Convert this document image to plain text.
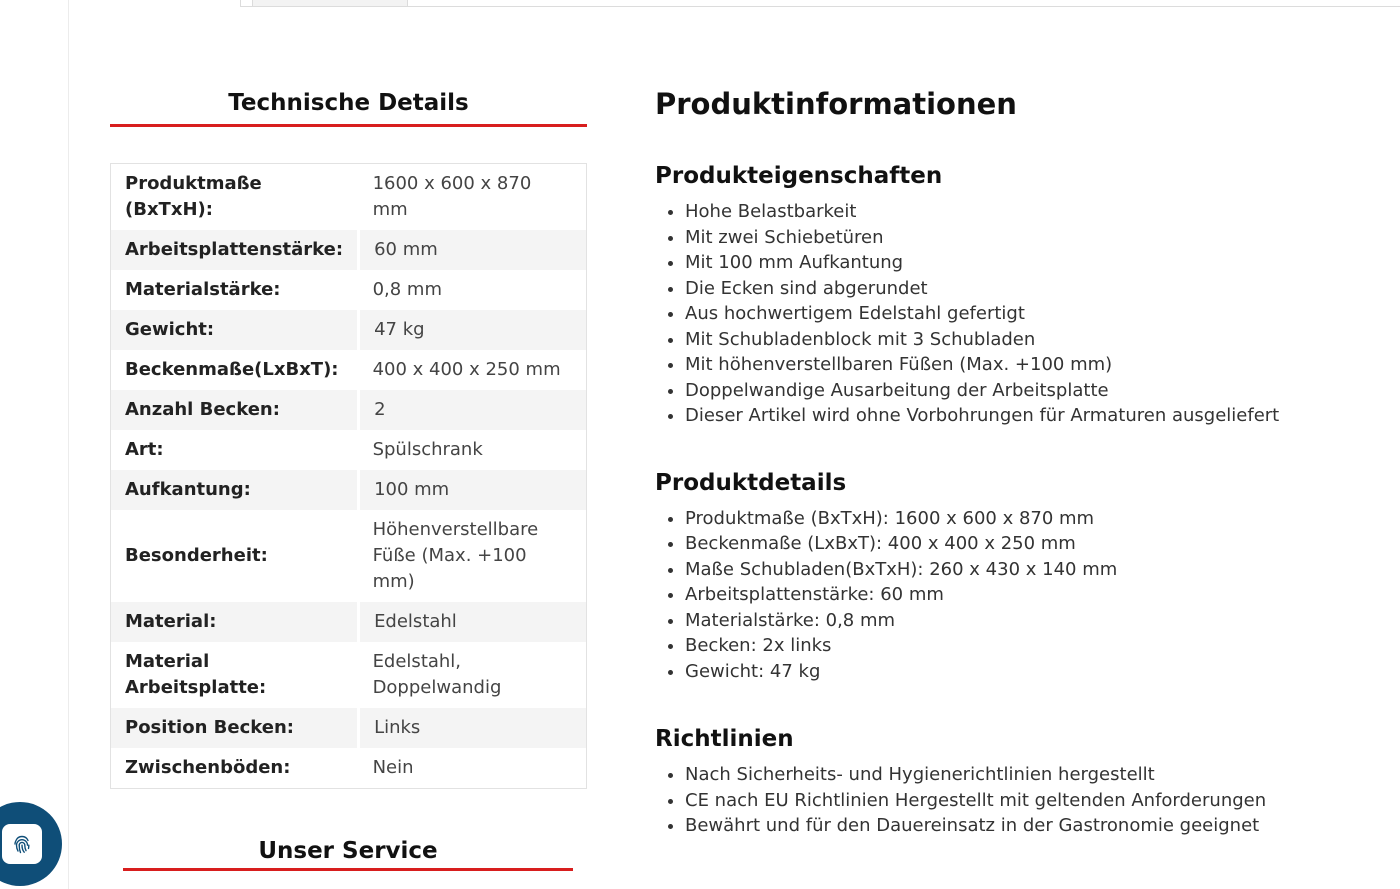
Technische Details
Produktmaße (BxTxH):	1600 x 600 x 870 mm
Arbeitsplattenstärke:	60 mm
Materialstärke:	0,8 mm
Gewicht:	47 kg
Beckenmaße(LxBxT):	400 x 400 x 250 mm
Anzahl Becken:	2
Art:	Spülschrank
Aufkantung:	100 mm
Besonderheit:	Höhenverstellbare Füße (Max. +100 mm)
Material:	Edelstahl
Material Arbeitsplatte:	Edelstahl, Doppelwandig
Position Becken:	Links
Zwischenböden:	Nein
Unser Service
Produktinformationen
Produkteigenschaften
• Hohe Belastbarkeit
• Mit zwei Schiebetüren
• Mit 100 mm Aufkantung
• Die Ecken sind abgerundet
• Aus hochwertigem Edelstahl gefertigt
• Mit Schubladenblock mit 3 Schubladen
• Mit höhenverstellbaren Füßen (Max. +100 mm)
• Doppelwandige Ausarbeitung der Arbeitsplatte
• Dieser Artikel wird ohne Vorbohrungen für Armaturen ausgeliefert
Produktdetails
• Produktmaße (BxTxH): 1600 x 600 x 870 mm
• Beckenmaße (LxBxT): 400 x 400 x 250 mm
• Maße Schubladen(BxTxH): 260 x 430 x 140 mm
• Arbeitsplattenstärke: 60 mm
• Materialstärke: 0,8 mm
• Becken: 2x links
• Gewicht: 47 kg
Richtlinien
• Nach Sicherheits- und Hygienerichtlinien hergestellt
• CE nach EU Richtlinien Hergestellt mit geltenden Anforderungen
• Bewährt und für den Dauereinsatz in der Gastronomie geeignet
